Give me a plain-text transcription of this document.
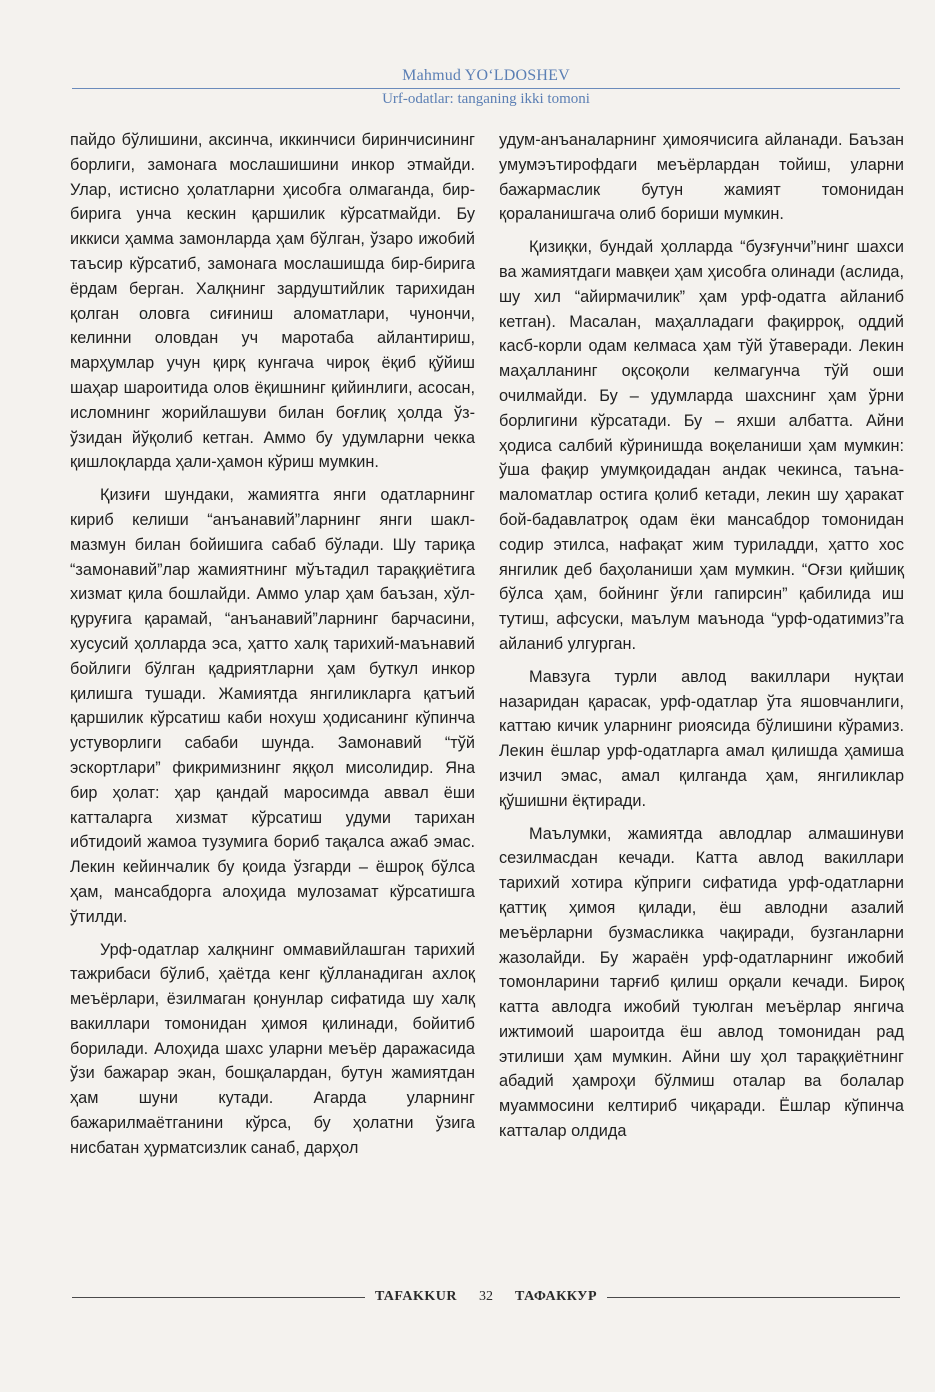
Mahmud YO‘LDOSHEV
Urf-odatlar: tanganing ikki tomoni

пайдо бўлишини, аксинча, иккинчиси биринчисининг борлиги, замонага мослашишини инкор этмайди. Улар, истисно ҳолатларни ҳисобга олмаганда, бир-бирига унча кескин қаршилик кўрсатмайди. Бу иккиси ҳамма замонларда ҳам бўлган, ўзаро ижобий таъсир кўрсатиб, замонага мослашишда бир-бирига ёрдам берган. Халқнинг зардуштийлик тарихидан қолган оловга сиғиниш аломатлари, чунончи, келинни оловдан уч маротаба айлантириш, марҳумлар учун қирқ кунгача чироқ ёқиб қўйиш шаҳар шароитида олов ёқишнинг қийинлиги, асосан, исломнинг жорийлашуви билан боғлиқ ҳолда ўз-ўзидан йўқолиб кетган. Аммо бу удумларни чекка қишлоқларда ҳали-ҳамон кўриш мумкин.

Қизиғи шундаки, жамиятга янги одатларнинг кириб келиши “анъанавий”ларнинг янги шакл-мазмун билан бойишига сабаб бўлади. Шу тариқа “замонавий”лар жамиятнинг мўътадил тараққиётига хизмат қила бошлайди. Аммо улар ҳам баъзан, хўл-қуруғига қарамай, “анъанавий”ларнинг барчасини, хусусий ҳолларда эса, ҳатто халқ тарихий-маънавий бойлиги бўлган қадриятларни ҳам буткул инкор қилишга тушади. Жамиятда янгиликларга қатъий қаршилик кўрсатиш каби нохуш ҳодисанинг кўпинча устуворлиги сабаби шунда. Замонавий “тўй эскортлари” фикримизнинг яққол мисолидир. Яна бир ҳолат: ҳар қандай маросимда аввал ёши катталарга хизмат кўрсатиш удуми тарихан ибтидоий жамоа тузумига бориб тақалса ажаб эмас. Лекин кейинчалик бу қоида ўзгарди – ёшроқ бўлса ҳам, мансабдорга алоҳида мулозамат кўрсатишга ўтилди.

Урф-одатлар халқнинг оммавийлашган тарихий тажрибаси бўлиб, ҳаётда кенг қўлланадиган ахлоқ меъёрлари, ёзилмаган қонунлар сифатида шу халқ вакиллари томонидан ҳимоя қилинади, бойитиб борилади. Алоҳида шахс уларни меъёр даражасида ўзи бажарар экан, бошқалардан, бутун жамиятдан ҳам шуни кутади. Агарда уларнинг бажарилмаётганини кўрса, бу ҳолатни ўзига нисбатан ҳурматсизлик санаб, дарҳол

удум-анъаналарнинг ҳимоячисига айланади. Баъзан умумэътирофдаги меъёрлардан тойиш, уларни бажармаслик бутун жамият томонидан қораланишгача олиб бориши мумкин.

Қизиқки, бундай ҳолларда “бузғунчи”нинг шахси ва жамиятдаги мавқеи ҳам ҳисобга олинади (аслида, шу хил “айирмачилик” ҳам урф-одатга айланиб кетган). Масалан, маҳалладаги фақирроқ, оддий касб-корли одам келмаса ҳам тўй ўтаверади. Лекин маҳалланинг оқсоқоли келмагунча тўй оши очилмайди. Бу – удумларда шахснинг ҳам ўрни борлигини кўрсатади. Бу – яхши албатта. Айни ҳодиса салбий кўринишда воқеланиши ҳам мумкин: ўша фақир умумқоидадан андак чекинса, таъна-маломатлар остига қолиб кетади, лекин шу ҳаракат бой-бадавлатроқ одам ёки мансабдор томонидан содир этилса, нафақат жим туриладди, ҳатто хос янгилик деб баҳоланиши ҳам мумкин. “Оғзи қийшиқ бўлса ҳам, бойнинг ўғли гапирсин” қабилида иш тутиш, афсуски, маълум маънода “урф-одатимиз”га айланиб улгурган.

Мавзуга турли авлод вакиллари нуқтаи назаридан қарасак, урф-одатлар ўта яшовчанлиги, каттаю кичик уларнинг риоясида бўлишини кўрамиз. Лекин ёшлар урф-одатларга амал қилишда ҳамиша изчил эмас, амал қилганда ҳам, янгиликлар қўшишни ёқтиради.

Маълумки, жамиятда авлодлар алмашинуви сезилмасдан кечади. Катта авлод вакиллари тарихий хотира кўприги сифатида урф-одатларни қаттиқ ҳимоя қилади, ёш авлодни азалий меъёрларни бузмасликка чақиради, бузганларни жазолайди. Бу жараён урф-одатларнинг ижобий томонларини тарғиб қилиш орқали кечади. Бироқ катта авлодга ижобий туюлган меъёрлар янгича ижтимоий шароитда ёш авлод томонидан рад этилиши ҳам мумкин. Айни шу ҳол тараққиётнинг абадий ҳамроҳи бўлмиш оталар ва болалар муаммосини келтириб чиқаради. Ёшлар кўпинча катталар олдида

TAFAKKUR	32	ТАФАККУР
